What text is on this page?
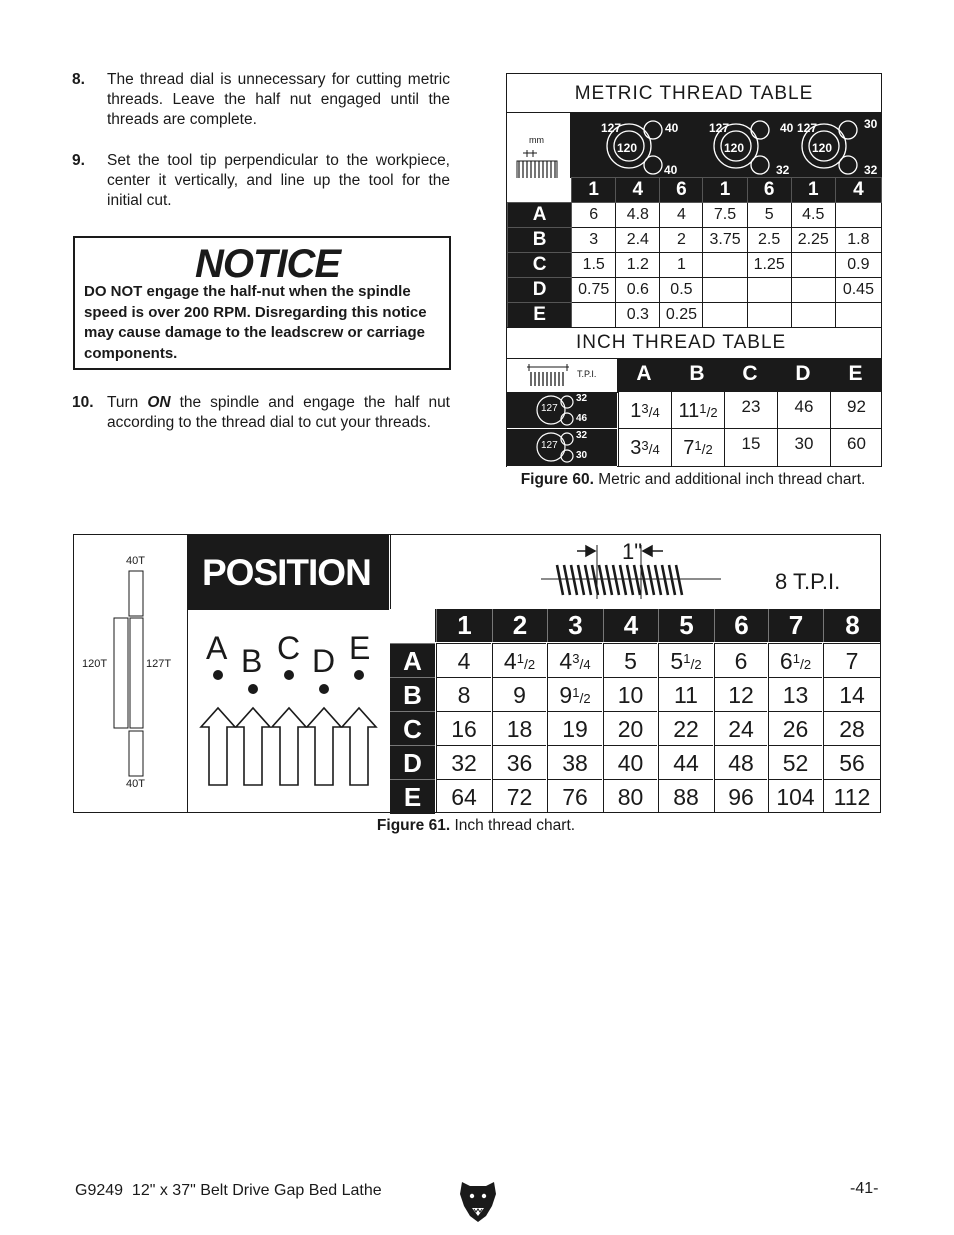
8. The thread dial is unnecessary for cutting metric threads. Leave the half nut engaged until the threads are complete.
9. Set the tool tip perpendicular to the workpiece, center it vertically, and line up the tool for the initial cut.
NOTICE
DO NOT engage the half-nut when the spindle speed is over 200 RPM. Disregarding this notice may cause damage to the leadscrew or carriage components.
10. Turn ON the spindle and engage the half nut according to the thread dial to cut your threads.
METRIC THREAD TABLE
mm
127
120
40
40
127
120
40
32
127
120
30
32
	1	4	6	1	6	1	4
A	6	4.8	4	7.5	5	4.5	
B	3	2.4	2	3.75	2.5	2.25	1.8
C	1.5	1.2	1		1.25		0.9
D	0.75	0.6	0.5				0.45
E		0.3	0.25				
INCH THREAD TABLE
T.P.I.	A	B	C	D	E
127
32
46	$1^3/4$ $11^1/2$	23	46	92
127
32
30	$3^3/4$	$7^1/2$	15	30	60
Figure 60. Metric and additional inch thread chart.
40T
120T	127T
40T
POSITION
A B C D E
1"
8 T.P.I.
1	2	3	4	5	6	7	8
A	4	$4^1/2$	$4^3/4$	5	$5^1/2$	6	$6^1/2$	7
B	8	9	$9^1/2$	10	11	12	13	14
C	16	18	19	20	22	24	26	28
D	32	36	38	40	44	48	52	56
E	64	72	76	80	88	96 104 112
Figure 61. Inch thread chart.
G9249  12" x 37" Belt Drive Gap Bed Lathe	-41-
